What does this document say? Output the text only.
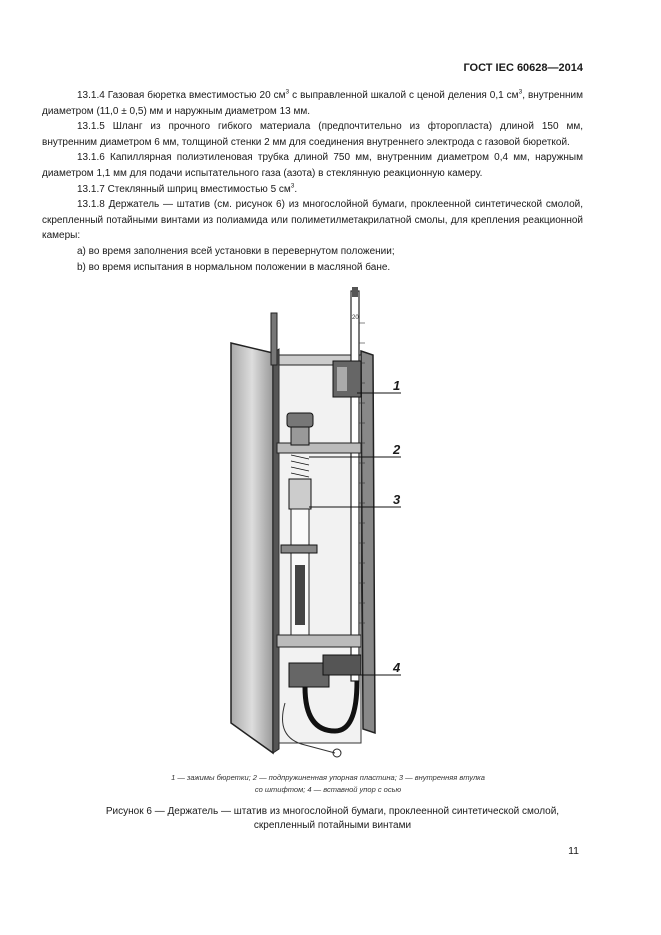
ГОСТ IEC 60628—2014

13.1.4 Газовая бюретка вместимостью 20 $см^3$ с выправленной шкалой с ценой деления 0,1 $см^3$, внутренним диаметром (11,0 ± 0,5) мм и наружным диаметром 13 мм.

13.1.5 Шланг из прочного гибкого материала (предпочтительно из фторопласта) длиной 150 мм, внутренним диаметром 6 мм, толщиной стенки 2 мм для соединения внутреннего электрода с газовой бюреткой.

13.1.6 Капиллярная полиэтиленовая трубка длиной 750 мм, внутренним диаметром 0,4 мм, наружным диаметром 1,1 мм для подачи испытательного газа (азота) в стеклянную реакционную камеру.

13.1.7 Стеклянный шприц вместимостью 5 $см^3$.

13.1.8 Держатель — штатив (см. рисунок 6) из многослойной бумаги, проклеенной синтетической смолой, скрепленный потайными винтами из полиамида или полиметилметакрилатной смолы, для крепления реакционной камеры:

а) во время заполнения всей установки в перевернутом положении;

b) во время испытания в нормальном положении в масляной бане.

20
1
2
3
4
1 — зажимы бюретки; 2 — подпружиненная упорная пластина; 3 — внутренняя втулка
со штифтом; 4 — вставной упор с осью
Рисунок 6 — Держатель — штатив из многослойной бумаги, проклеенной синтетической смолой,
скрепленный потайными винтами
11
